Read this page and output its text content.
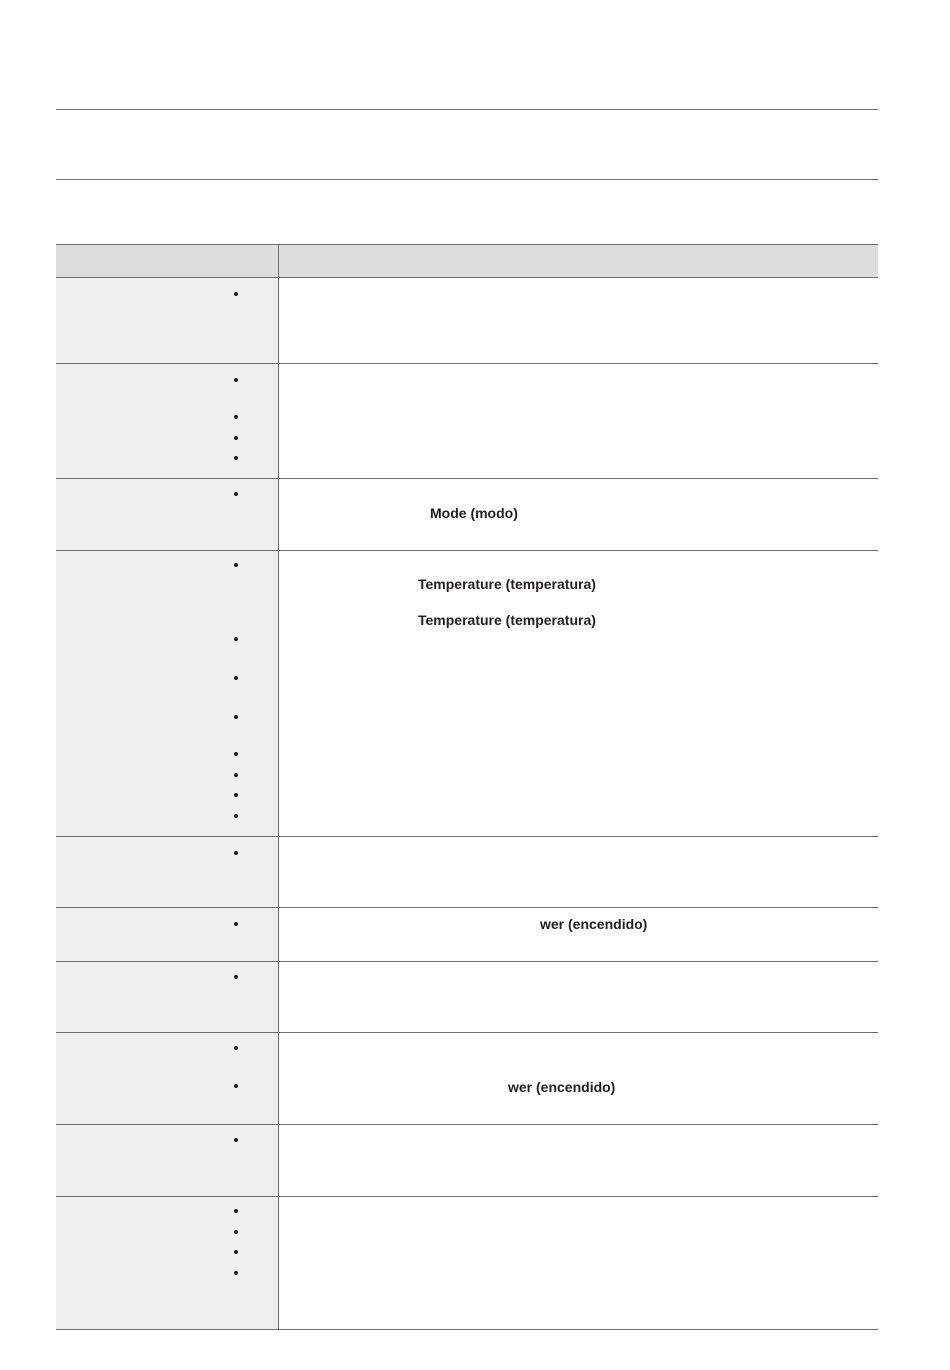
Mode (modo)
Temperature (temperatura)
Temperature (temperatura)
wer (encendido)
wer (encendido)
